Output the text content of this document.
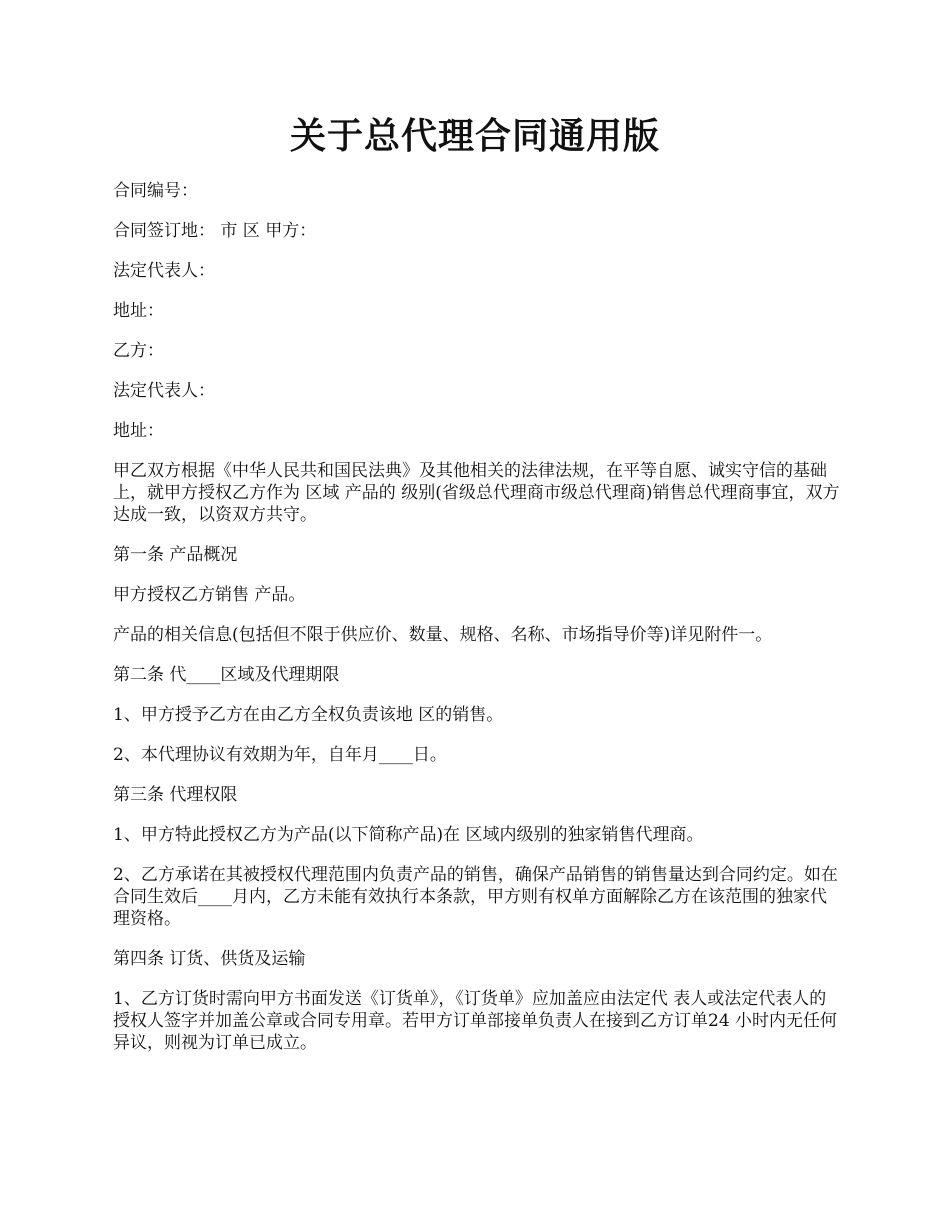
关于总代理合同通用版

合同编号：

合同签订地： 市 区 甲方：

法定代表人：

地址：

乙方：

法定代表人：

地址：

甲乙双方根据《中华人民共和国民法典》及其他相关的法律法规，在平等自愿、诚实守信的基础上，就甲方授权乙方作为 区域 产品的 级别(省级总代理商市级总代理商)销售总代理商事宜，双方达成一致，以资双方共守。

第一条 产品概况

甲方授权乙方销售 产品。

产品的相关信息(包括但不限于供应价、数量、规格、名称、市场指导价等)详见附件一。

第二条 代____区域及代理期限

1、甲方授予乙方在由乙方全权负责该地 区的销售。

2、本代理协议有效期为年，自年月____日。

第三条 代理权限

1、甲方特此授权乙方为产品(以下简称产品)在 区域内级别的独家销售代理商。

2、乙方承诺在其被授权代理范围内负责产品的销售，确保产品销售的销售量达到合同约定。如在合同生效后____月内，乙方未能有效执行本条款，甲方则有权单方面解除乙方在该范围的独家代理资格。

第四条 订货、供货及运输

1、乙方订货时需向甲方书面发送《订货单》，《订货单》应加盖应由法定代 表人或法定代表人的授权人签字并加盖公章或合同专用章。若甲方订单部接单负责人在接到乙方订单24 小时内无任何异议，则视为订单已成立。
